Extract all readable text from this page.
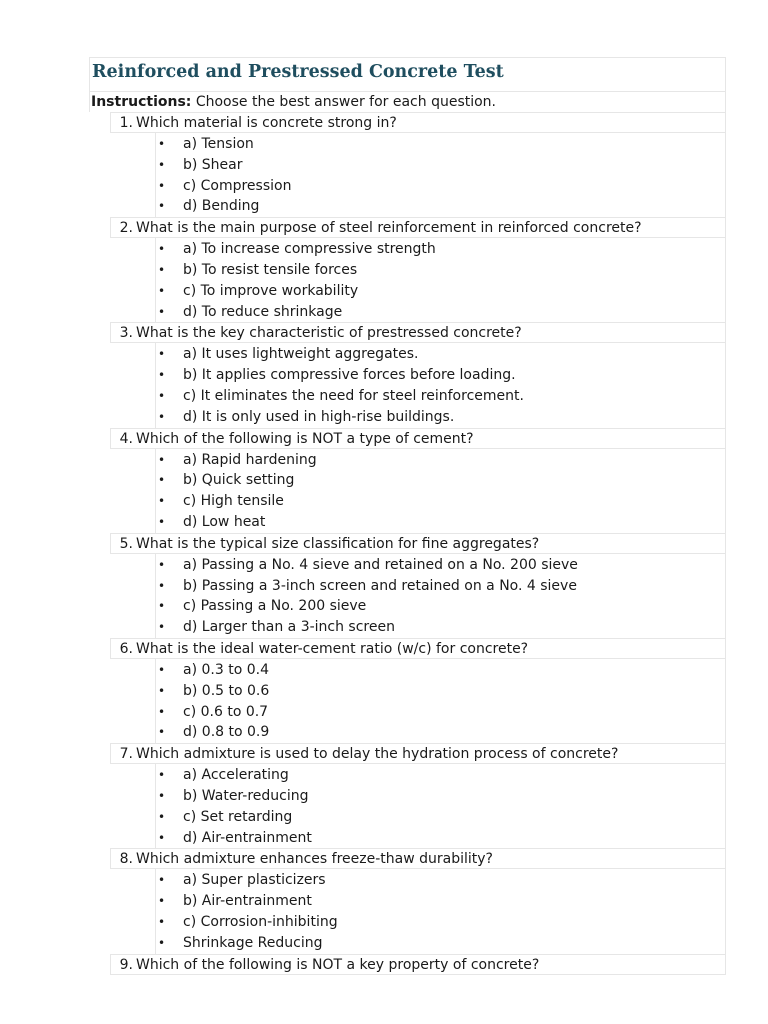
Reinforced and Prestressed Concrete Test
Instructions: Choose the best answer for each question.
1. Which material is concrete strong in?
•	a) Tension
•	b) Shear
•	c) Compression
•	d) Bending
2. What is the main purpose of steel reinforcement in reinforced concrete?
•	a) To increase compressive strength
•	b) To resist tensile forces
•	c) To improve workability
•	d) To reduce shrinkage
3. What is the key characteristic of prestressed concrete?
•	a) It uses lightweight aggregates.
•	b) It applies compressive forces before loading.
•	c) It eliminates the need for steel reinforcement.
•	d) It is only used in high-rise buildings.
4. Which of the following is NOT a type of cement?
•	a) Rapid hardening
•	b) Quick setting
•	c) High tensile
•	d) Low heat
5. What is the typical size classification for fine aggregates?
•	a) Passing a No. 4 sieve and retained on a No. 200 sieve
•	b) Passing a 3-inch screen and retained on a No. 4 sieve
•	c) Passing a No. 200 sieve
•	d) Larger than a 3-inch screen
6. What is the ideal water-cement ratio (w/c) for concrete?
•	a) 0.3 to 0.4
•	b) 0.5 to 0.6
•	c) 0.6 to 0.7
•	d) 0.8 to 0.9
7. Which admixture is used to delay the hydration process of concrete?
•	a) Accelerating
•	b) Water-reducing
•	c) Set retarding
•	d) Air-entrainment
8. Which admixture enhances freeze-thaw durability?
•	a) Super plasticizers
•	b) Air-entrainment
•	c) Corrosion-inhibiting
•	Shrinkage Reducing
9. Which of the following is NOT a key property of concrete?
